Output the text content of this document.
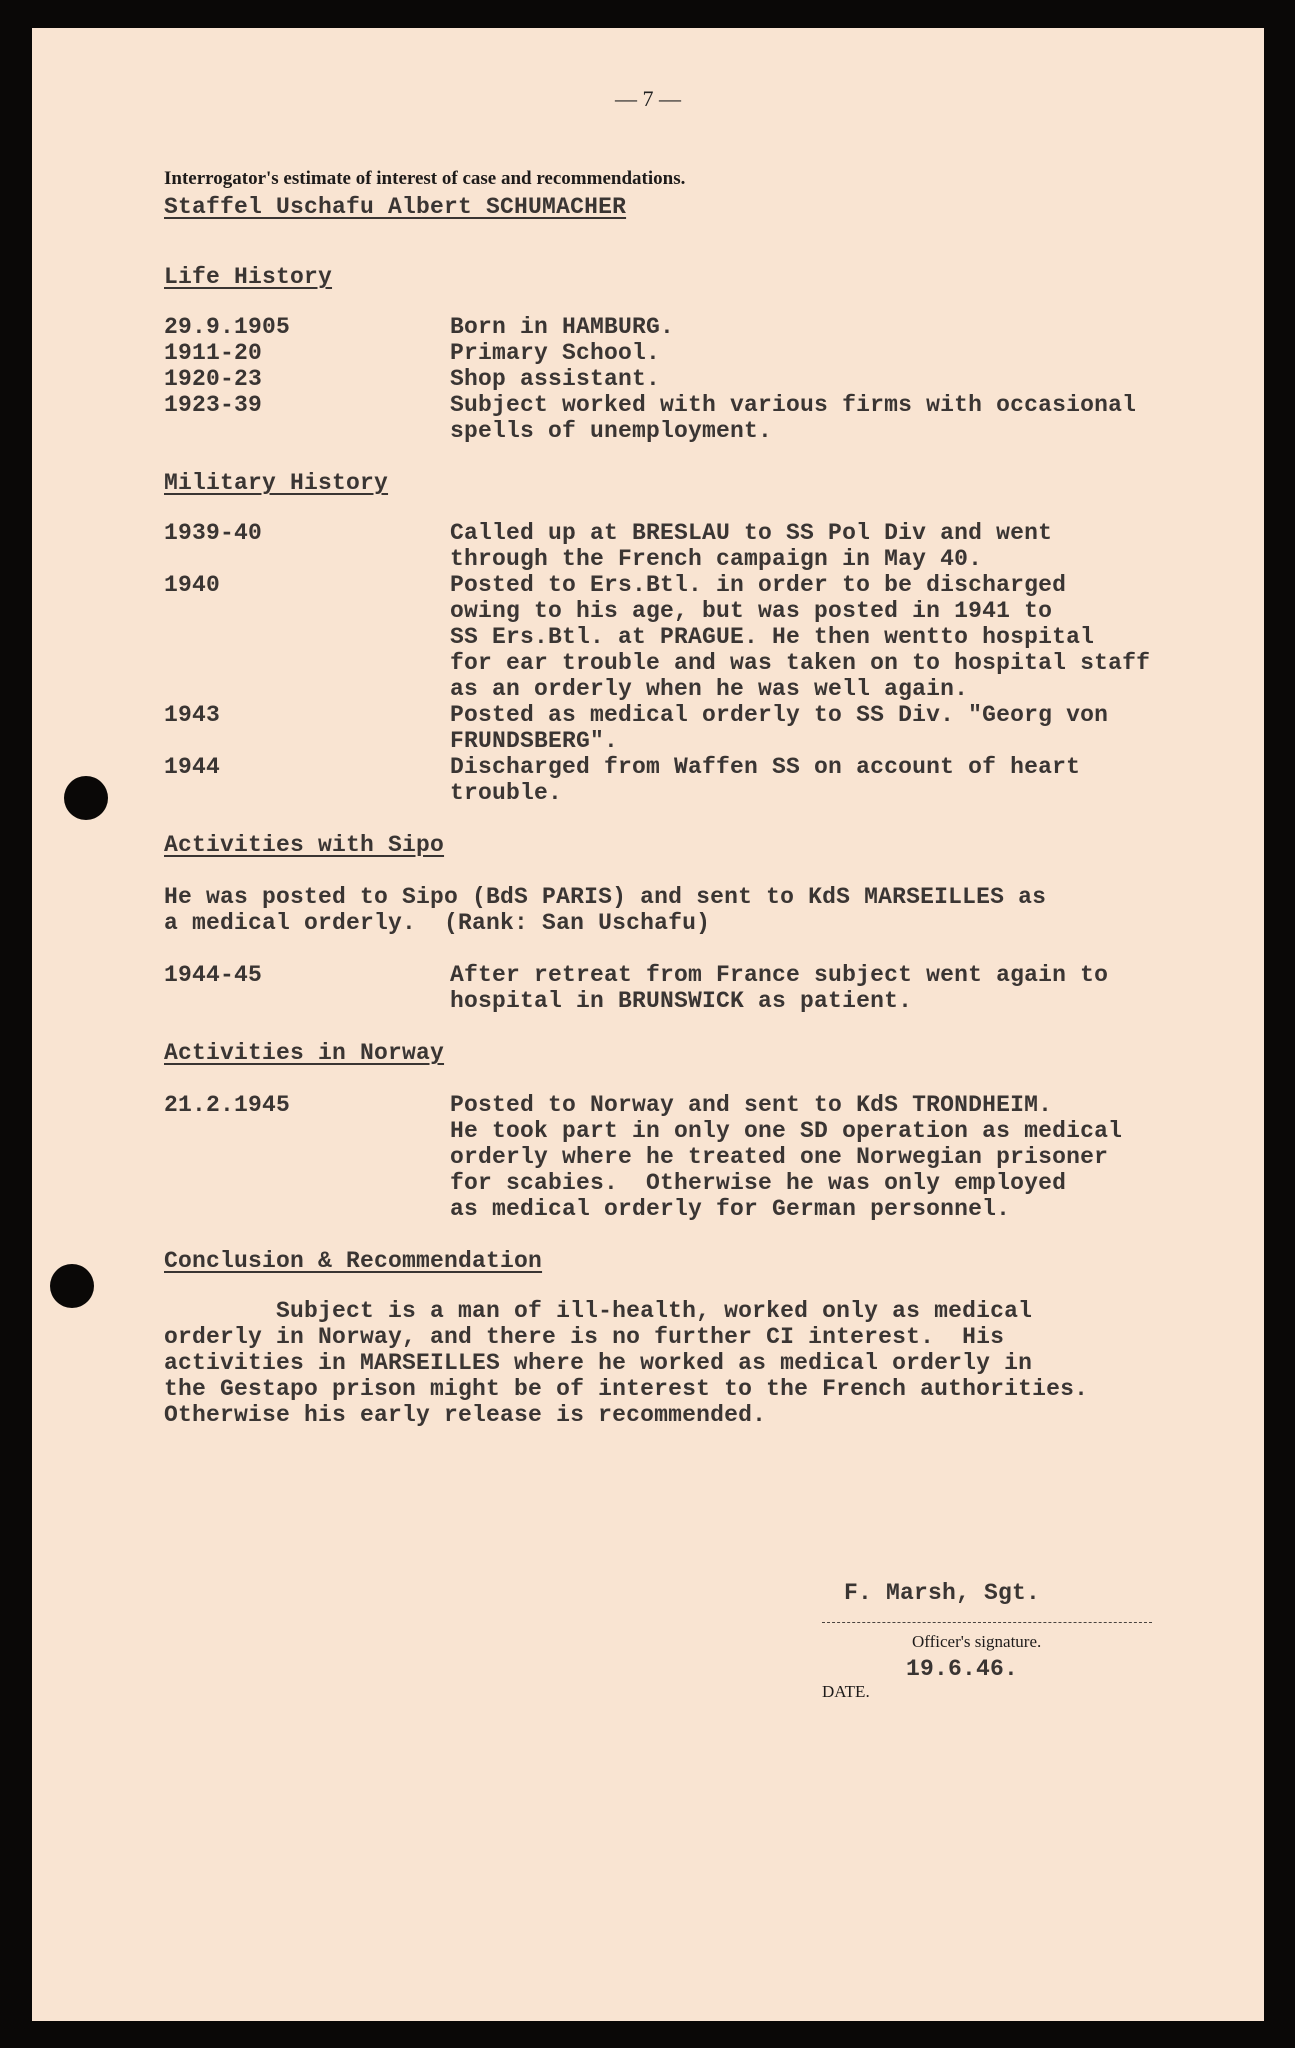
— 7 —
Interrogator's estimate of interest of case and recommendations.
Staffel Uschafu Albert SCHUMACHER
Life History
29.9.1905	Born in HAMBURG.
1911-20	Primary School.
1920-23	Shop assistant.
1923-39	Subject worked with various firms with occasional
spells of unemployment.
Military History
1939-40	Called up at BRESLAU to SS Pol Div and went
through the French campaign in May 40.
1940	Posted to Ers.Btl. in order to be discharged
owing to his age, but was posted in 1941 to
SS Ers.Btl. at PRAGUE. He then wentto hospital
for ear trouble and was taken on to hospital staff
as an orderly when he was well again.
1943	Posted as medical orderly to SS Div. "Georg von
FRUNDSBERG".
1944	Discharged from Waffen SS on account of heart
trouble.
Activities with Sipo
He was posted to Sipo (BdS PARIS) and sent to KdS MARSEILLES as
a medical orderly.  (Rank: San Uschafu)
1944-45	After retreat from France subject went again to
hospital in BRUNSWICK as patient.
Activities in Norway
21.2.1945	Posted to Norway and sent to KdS TRONDHEIM.
He took part in only one SD operation as medical
orderly where he treated one Norwegian prisoner
for scabies.  Otherwise he was only employed
as medical orderly for German personnel.
Conclusion & Recommendation
Subject is a man of ill-health, worked only as medical
orderly in Norway, and there is no further CI interest.  His
activities in MARSEILLES where he worked as medical orderly in
the Gestapo prison might be of interest to the French authorities.
Otherwise his early release is recommended.
F. Marsh, Sgt.
Officer's signature.
19.6.46.
DATE.
